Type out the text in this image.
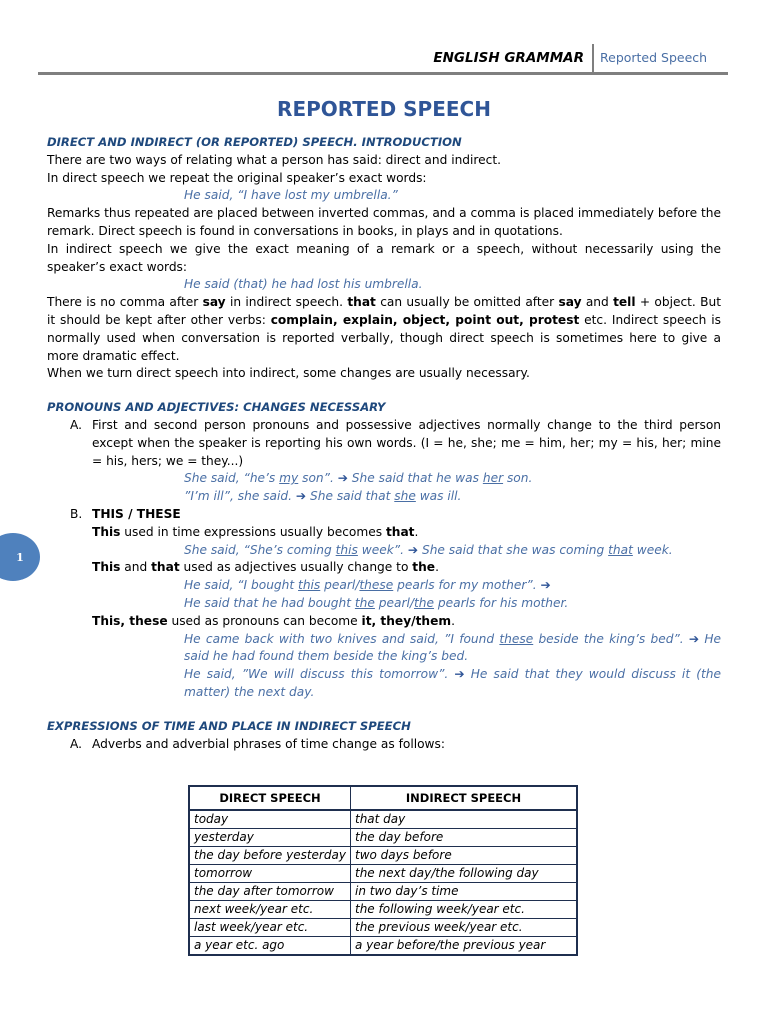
ENGLISH GRAMMAR Reported Speech
1
REPORTED SPEECH
DIRECT AND INDIRECT (OR REPORTED) SPEECH. INTRODUCTION

There are two ways of relating what a person has said: direct and indirect.

In direct speech we repeat the original speaker’s exact words:

He said, “I have lost my umbrella.”

Remarks thus repeated are placed between inverted commas, and a comma is placed immediately before the remark. Direct speech is found in conversations in books, in plays and in quotations.

In indirect speech we give the exact meaning of a remark or a speech, without necessarily using the speaker’s exact words:

He said (that) he had lost his umbrella.

There is no comma after say in indirect speech. that can usually be omitted after say and tell + object. But it should be kept after other verbs: complain, explain, object, point out, protest etc. Indirect speech is normally used when conversation is reported verbally, though direct speech is sometimes here to give a more dramatic effect.

When we turn direct speech into indirect, some changes are usually necessary.

PRONOUNS AND ADJECTIVES: CHANGES NECESSARY
A. First and second person pronouns and possessive adjectives normally change to the third person except when the speaker is reporting his own words. (I = he, she; me = him, her; my = his, her; mine = his, hers; we = they...)

She said, “he’s my son”. ➔ She said that he was her son.

”I’m ill”, she said. ➔ She said that she was ill.

B. THIS / THESE

This used in time expressions usually becomes that.

She said, “She’s coming this week”. ➔ She said that she was coming that week.

This and that used as adjectives usually change to the.

He said, “I bought this pearl/these pearls for my mother”. ➔

He said that he had bought the pearl/the pearls for his mother.

This, these used as pronouns can become it, they/them.

He came back with two knives and said, ”I found these beside the king’s bed”. ➔ He said he had found them beside the king’s bed.

He said, ”We will discuss this tomorrow”. ➔ He said that they would discuss it (the matter) the next day.

EXPRESSIONS OF TIME AND PLACE IN INDIRECT SPEECH
A. Adverbs and adverbial phrases of time change as follows:
DIRECT SPEECH	INDIRECT SPEECH
today	that day
yesterday	the day before
the day before yesterday	two days before
tomorrow	the next day/the following day
the day after tomorrow	in two day’s time
next week/year etc.	the following week/year etc.
last week/year etc.	the previous week/year etc.
a year etc. ago	a year before/the previous year
